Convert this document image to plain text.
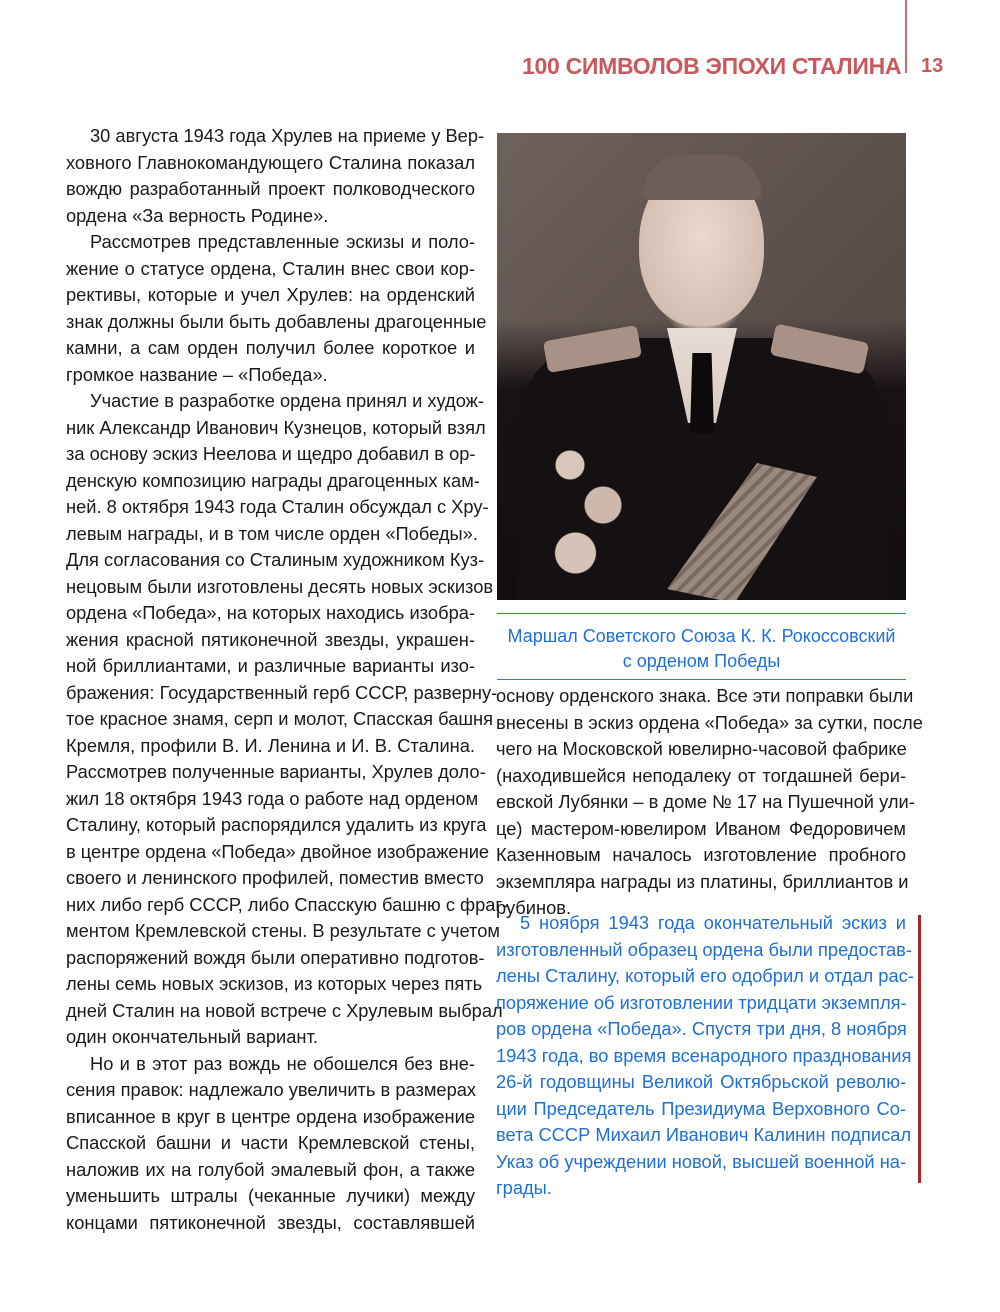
100 СИМВОЛОВ ЭПОХИ СТАЛИНА 13
30 августа 1943 года Хрулев на приеме у Вер-
ховного Главнокомандующего Сталина показал
вождю разработанный проект полководческого
ордена «За верность Родине».
Рассмотрев представленные эскизы и поло-
жение о статусе ордена, Сталин внес свои кор-
рективы, которые и учел Хрулев: на орденский
знак должны были быть добавлены драгоценные
камни, а сам орден получил более короткое и
громкое название – «Победа».
Участие в разработке ордена принял и худож-
ник Александр Иванович Кузнецов, который взял
за основу эскиз Неелова и щедро добавил в ор-
денскую композицию награды драгоценных кам-
ней. 8 октября 1943 года Сталин обсуждал с Хру-
левым награды, и в том числе орден «Победы».
Для согласования со Сталиным художником Куз-
нецовым были изготовлены десять новых эскизов
ордена «Победа», на которых находись изобра-
жения красной пятиконечной звезды, украшен-
ной бриллиантами, и различные варианты изо-
бражения: Государственный герб СССР, разверну-
тое красное знамя, серп и молот, Спасская башня
Кремля, профили В. И. Ленина и И. В. Сталина.
Рассмотрев полученные варианты, Хрулев доло-
жил 18 октября 1943 года о работе над орденом
Сталину, который распорядился удалить из круга
в центре ордена «Победа» двойное изображение
своего и ленинского профилей, поместив вместо
них либо герб СССР, либо Спасскую башню с фраг-
ментом Кремлевской стены. В результате с учетом
распоряжений вождя были оперативно подготов-
лены семь новых эскизов, из которых через пять
дней Сталин на новой встрече с Хрулевым выбрал
один окончательный вариант.
Но и в этот раз вождь не обошелся без вне-
сения правок: надлежало увеличить в размерах
вписанное в круг в центре ордена изображение
Спасской башни и части Кремлевской стены,
наложив их на голубой эмалевый фон, а также
уменьшить штралы (чеканные лучики) между
концами пятиконечной звезды, составлявшей
Маршал Советского Союза К. К. Рокоссовский
с орденом Победы
основу орденского знака. Все эти поправки были
внесены в эскиз ордена «Победа» за сутки, после
чего на Московской ювелирно-часовой фабрике
(находившейся неподалеку от тогдашней бери-
евской Лубянки – в доме № 17 на Пушечной ули-
це) мастером-ювелиром Иваном Федоровичем
Казенновым началось изготовление пробного
экземпляра награды из платины, бриллиантов и
рубинов.
5 ноября 1943 года окончательный эскиз и
изготовленный образец ордена были предостав-
лены Сталину, который его одобрил и отдал рас-
поряжение об изготовлении тридцати экземпля-
ров ордена «Победа». Спустя три дня, 8 ноября
1943 года, во время всенародного празднования
26-й годовщины Великой Октябрьской револю-
ции Председатель Президиума Верховного Со-
вета СССР Михаил Иванович Калинин подписал
Указ об учреждении новой, высшей военной на-
грады.
